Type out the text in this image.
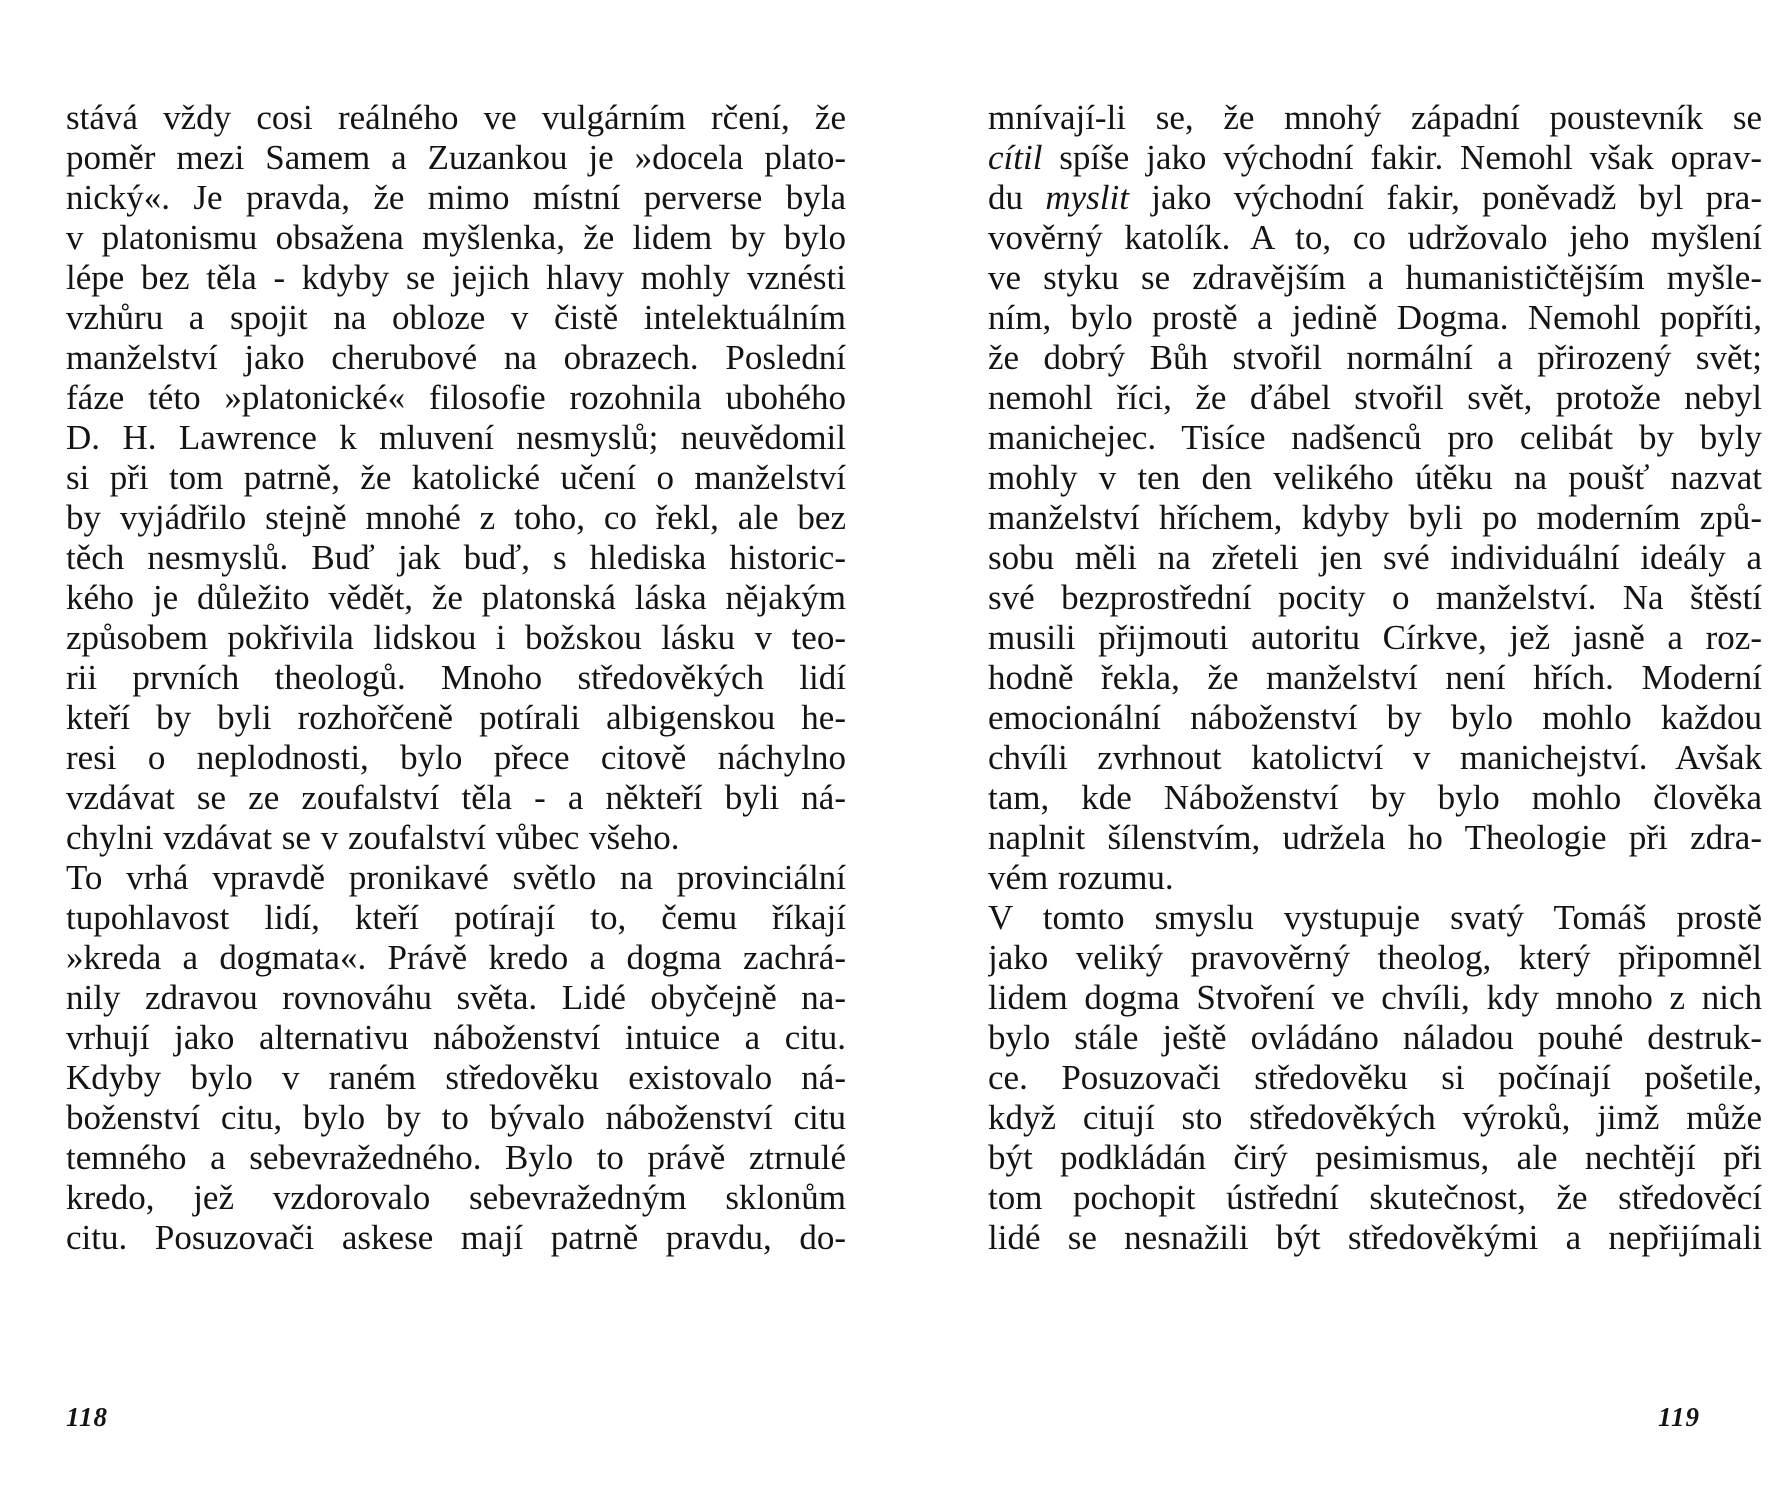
stává vždy cosi reálného ve vulgárním rčení, že
poměr mezi Samem a Zuzankou je »docela plato-
nický«. Je pravda, že mimo místní perverse byla
v platonismu obsažena myšlenka, že lidem by bylo
lépe bez těla - kdyby se jejich hlavy mohly vznésti
vzhůru a spojit na obloze v čistě intelektuálním
manželství jako cherubové na obrazech. Poslední
fáze této »platonické« filosofie rozohnila ubohého
D. H. Lawrence k mluvení nesmyslů; neuvědomil
si při tom patrně, že katolické učení o manželství
by vyjádřilo stejně mnohé z toho, co řekl, ale bez
těch nesmyslů. Buď jak buď, s hlediska historic-
kého je důležito vědět, že platonská láska nějakým
způsobem pokřivila lidskou i božskou lásku v teo-
rii prvních theologů. Mnoho středověkých lidí
kteří by byli rozhořčeně potírali albigenskou he-
resi o neplodnosti, bylo přece citově náchylno
vzdávat se ze zoufalství těla - a někteří byli ná-
chylni vzdávat se v zoufalství vůbec všeho.
To vrhá vpravdě pronikavé světlo na provinciální
tupohlavost lidí, kteří potírají to, čemu říkají
»kreda a dogmata«. Právě kredo a dogma zachrá-
nily zdravou rovnováhu světa. Lidé obyčejně na-
vrhují jako alternativu náboženství intuice a citu.
Kdyby bylo v raném středověku existovalo ná-
boženství citu, bylo by to bývalo náboženství citu
temného a sebevražedného. Bylo to právě ztrnulé
kredo, jež vzdorovalo sebevražedným sklonům
citu. Posuzovači askese mají patrně pravdu, do-
118
mnívají-li se, že mnohý západní poustevník se
cítil spíše jako východní fakir. Nemohl však oprav-
du myslit jako východní fakir, poněvadž byl pra-
vověrný katolík. A to, co udržovalo jeho myšlení
ve styku se zdravějším a humanističtějším myšle-
ním, bylo prostě a jedině Dogma. Nemohl popříti,
že dobrý Bůh stvořil normální a přirozený svět;
nemohl říci, že ďábel stvořil svět, protože nebyl
manichejec. Tisíce nadšenců pro celibát by byly
mohly v ten den velikého útěku na poušť nazvat
manželství hříchem, kdyby byli po moderním způ-
sobu měli na zřeteli jen své individuální ideály a
své bezprostřední pocity o manželství. Na štěstí
musili přijmouti autoritu Církve, jež jasně a roz-
hodně řekla, že manželství není hřích. Moderní
emocionální náboženství by bylo mohlo každou
chvíli zvrhnout katolictví v manichejství. Avšak
tam, kde Náboženství by bylo mohlo člověka
naplnit šílenstvím, udržela ho Theologie při zdra-
vém rozumu.
V tomto smyslu vystupuje svatý Tomáš prostě
jako veliký pravověrný theolog, který připomněl
lidem dogma Stvoření ve chvíli, kdy mnoho z nich
bylo stále ještě ovládáno náladou pouhé destruk-
ce. Posuzovači středověku si počínají pošetile,
když citují sto středověkých výroků, jimž může
být podkládán čirý pesimismus, ale nechtějí při
tom pochopit ústřední skutečnost, že středověcí
lidé se nesnažili být středověkými a nepřijímali
119
